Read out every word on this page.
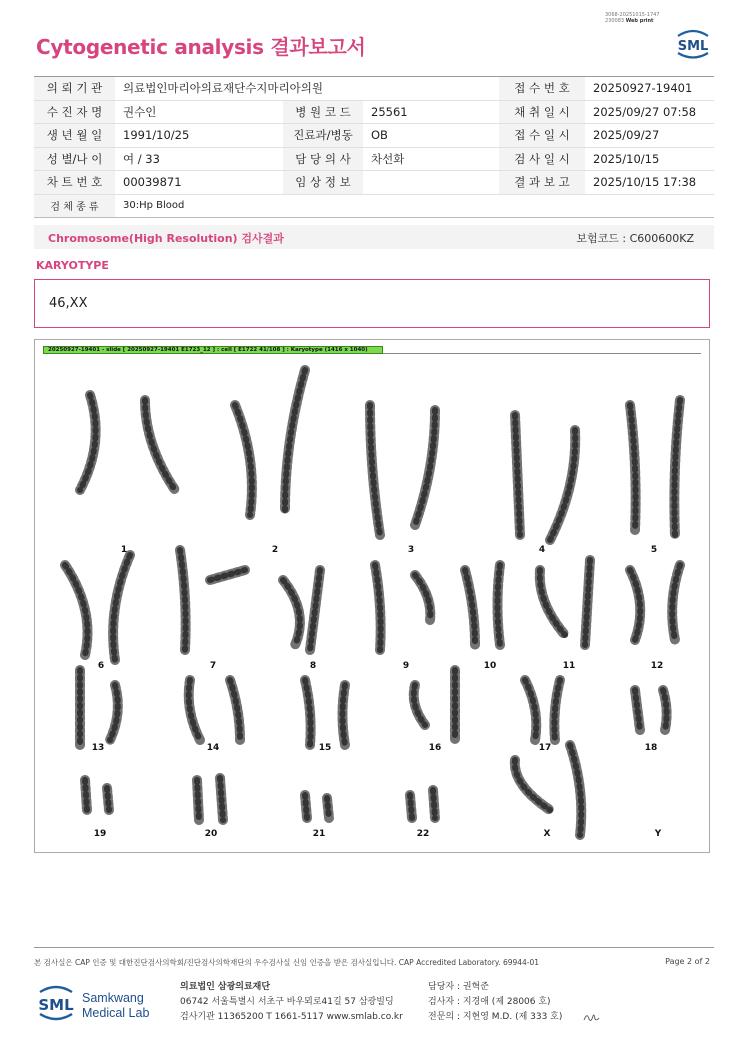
3068-20251015-1747
230083 Web print
Cytogenetic analysis 결과보고서	SML
의 뢰 기 관	의료법인마리아의료재단수지마리아의원			접 수 번 호	20250927-19401
수 진 자 명	권수인	병 원 코 드	25561	채 취 일 시	2025/09/27 07:58
생 년 월 일	1991/10/25	진료과/병동	OB	접 수 일 시	2025/09/27
성 별/나 이	여 / 33	담 당 의 사	차선화	검 사 일 시	2025/10/15
차 트 번 호	00039871	임 상 정 보		결 과 보 고	2025/10/15 17:38
검 체 종 류	30:Hp Blood				
Chromosome(High Resolution) 검사결과	보험코드 : C600600KZ
KARYOTYPE
46,XX
1	2	3	4	5
6	7	8	9	10	11	12
13	14	15	16	17	18
19	20	21	22	X	Y
20250927-19401 - slide [ 20250927-19401 E1723_12 ] : cell [ E1722 41/108 ] : Karyotype (1416 x 1040)
본 검사실은 CAP 인증 및 대한진단검사의학회/진단검사의학재단의 우수검사실 신임 인증을 받은 검사실입니다. CAP Accredited Laboratory. 69944-01	Page 2 of 2
SML Samkwang
Medical Lab
의료법인 삼광의료재단
06742 서울특별시 서초구 바우뫼로41길 57 삼광빌딩
검사기관 11365200 T 1661-5117 www.smlab.co.kr
담당자 : 권혁준
검사자 : 지경애 (제 28006 호)
전문의 : 지현영 M.D. (제 333 호)
